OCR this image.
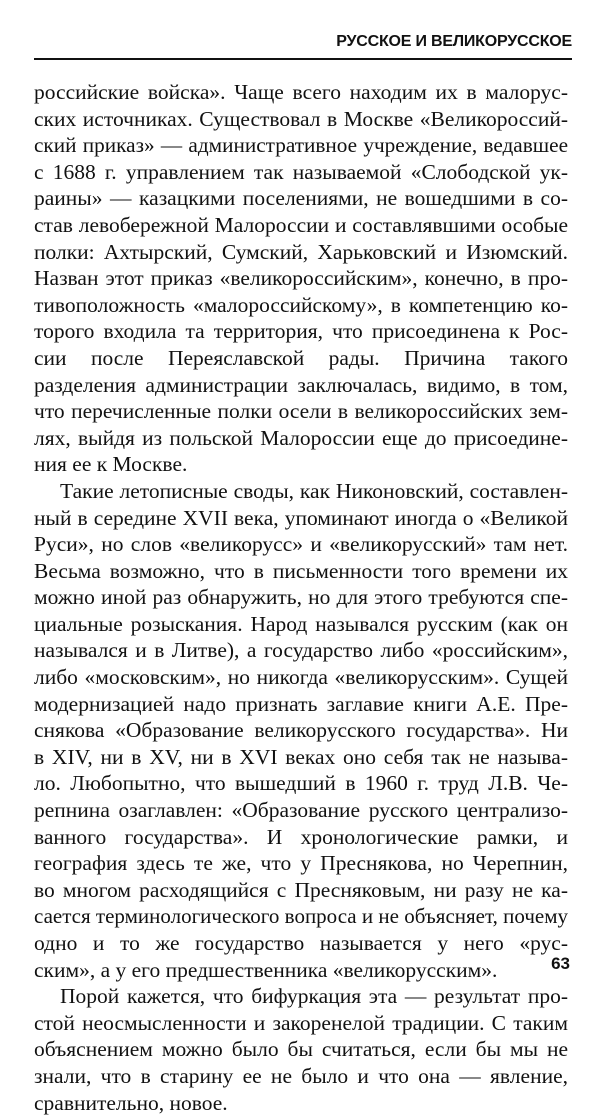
РУССКОЕ И ВЕЛИКОРУССКОЕ
российские войска». Чаще всего находим их в малорус-
ских источниках. Существовал в Москве «Великороссий-
ский приказ» — административное учреждение, ведавшее
с 1688 г. управлением так называемой «Слободской ук-
раины» — казацкими поселениями, не вошедшими в со-
став левобережной Малороссии и составлявшими особые
полки: Ахтырский, Сумский, Харьковский и Изюмский.
Назван этот приказ «великороссийским», конечно, в про-
тивоположность «малороссийскому», в компетенцию ко-
торого входила та территория, что присоединена к Рос-
сии после Переяславской рады. Причина такого
разделения администрации заключалась, видимо, в том,
что перечисленные полки осели в великороссийских зем-
лях, выйдя из польской Малороссии еще до присоедине-
ния ее к Москве.
Такие летописные своды, как Никоновский, составлен-
ный в середине XVII века, упоминают иногда о «Великой
Руси», но слов «великорусс» и «великорусский» там нет.
Весьма возможно, что в письменности того времени их
можно иной раз обнаружить, но для этого требуются спе-
циальные розыскания. Народ назывался русским (как он
назывался и в Литве), а государство либо «российским»,
либо «московским», но никогда «великорусским». Сущей
модернизацией надо признать заглавие книги А.Е. Пре-
снякова «Образование великорусского государства». Ни
в XIV, ни в XV, ни в XVI веках оно себя так не называ-
ло. Любопытно, что вышедший в 1960 г. труд Л.В. Че-
репнина озаглавлен: «Образование русского централизо-
ванного государства». И хронологические рамки, и
география здесь те же, что у Преснякова, но Черепнин,
во многом расходящийся с Пресняковым, ни разу не ка-
сается терминологического вопроса и не объясняет, почему
одно и то же государство называется у него «рус-
ским», а у его предшественника «великорусским».
Порой кажется, что бифуркация эта — результат про-
стой неосмысленности и закоренелой традиции. С таким
объяснением можно было бы считаться, если бы мы не
знали, что в старину ее не было и что она — явление,
сравнительно, новое.
63
